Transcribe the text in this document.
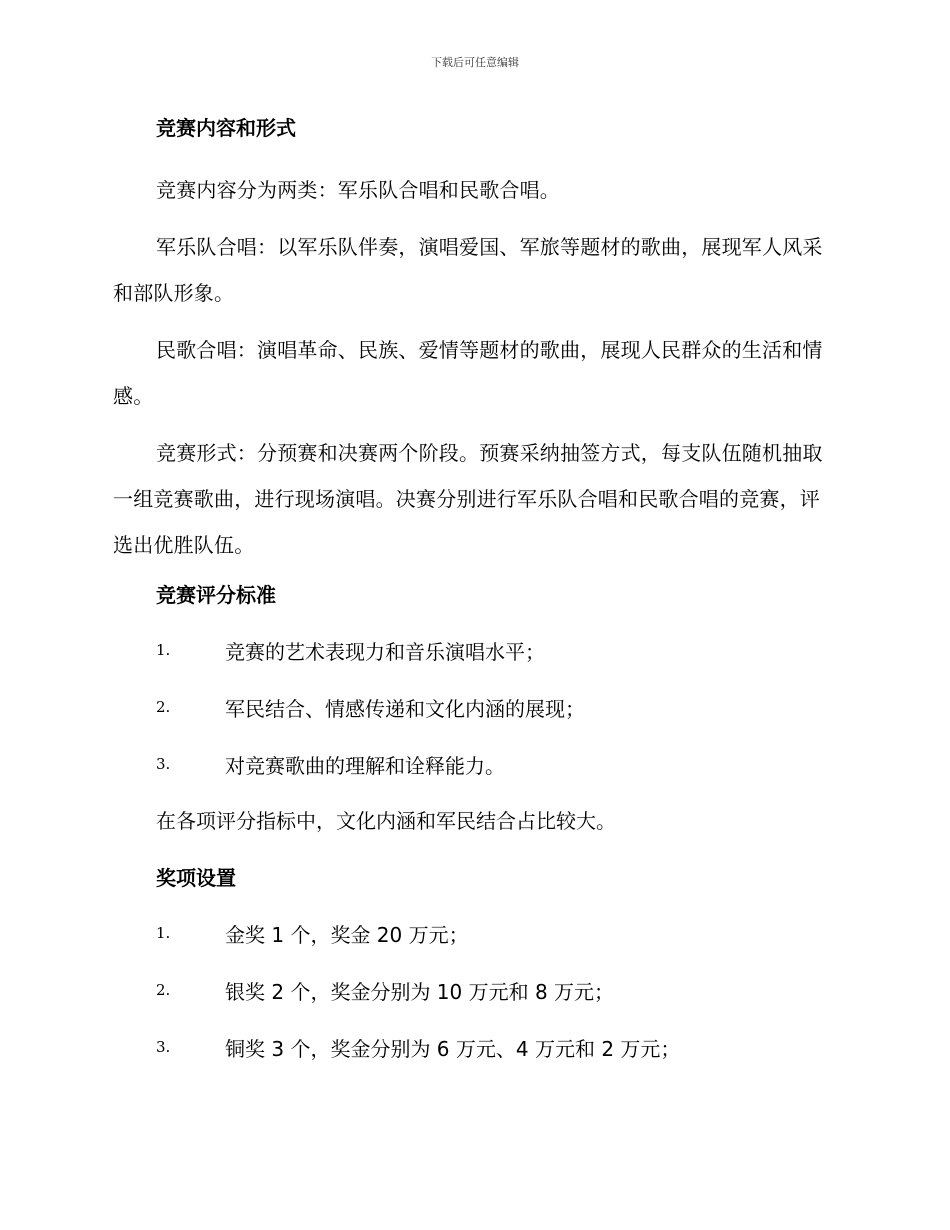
下载后可任意编辑
竞赛内容和形式

竞赛内容分为两类：军乐队合唱和民歌合唱。

军乐队合唱：以军乐队伴奏，演唱爱国、军旅等题材的歌曲，展现军人风采和部队形象。

民歌合唱：演唱革命、民族、爱情等题材的歌曲，展现人民群众的生活和情感。

竞赛形式：分预赛和决赛两个阶段。预赛采纳抽签方式，每支队伍随机抽取一组竞赛歌曲，进行现场演唱。决赛分别进行军乐队合唱和民歌合唱的竞赛，评选出优胜队伍。

竞赛评分标准
1.	竞赛的艺术表现力和音乐演唱水平；
2.	军民结合、情感传递和文化内涵的展现；
3.	对竞赛歌曲的理解和诠释能力。
在各项评分指标中，文化内涵和军民结合占比较大。
奖项设置
1.	金奖 1 个，奖金 20 万元；
2.	银奖 2 个，奖金分别为 10 万元和 8 万元；
3.	铜奖 3 个，奖金分别为 6 万元、4 万元和 2 万元；
